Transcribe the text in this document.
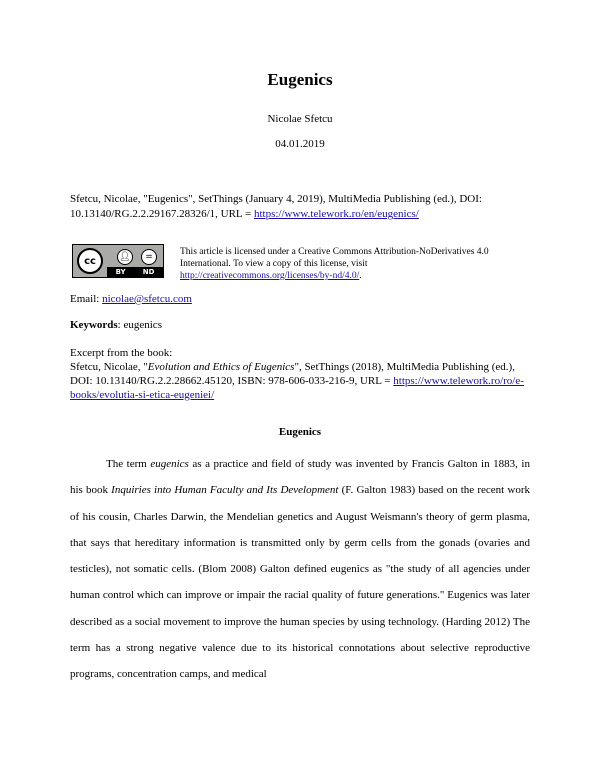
Eugenics
Nicolae Sfetcu
04.01.2019
Sfetcu, Nicolae, "Eugenics", SetThings (January 4, 2019), MultiMedia Publishing (ed.), DOI: 10.13140/RG.2.2.29167.28326/1, URL = https://www.telework.ro/en/eugenics/
cc	👤︎	=
BY ND
This article is licensed under a Creative Commons Attribution-NoDerivatives 4.0
International. To view a copy of this license, visit
http://creativecommons.org/licenses/by-nd/4.0/.
Email: nicolae@sfetcu.com
Keywords: eugenics
Excerpt from the book:
Sfetcu, Nicolae, "Evolution and Ethics of Eugenics", SetThings (2018), MultiMedia Publishing (ed.), DOI: 10.13140/RG.2.2.28662.45120, ISBN: 978-606-033-216-9, URL = https://www.telework.ro/ro/e-books/evolutia-si-etica-eugeniei/
Eugenics
The term eugenics as a practice and field of study was invented by Francis Galton in 1883, in his book Inquiries into Human Faculty and Its Development (F. Galton 1983) based on the recent work of his cousin, Charles Darwin, the Mendelian genetics and August Weismann's theory of germ plasma, that says that hereditary information is transmitted only by germ cells from the gonads (ovaries and testicles), not somatic cells. (Blom 2008) Galton defined eugenics as "the study of all agencies under human control which can improve or impair the racial quality of future generations." Eugenics was later described as a social movement to improve the human species by using technology. (Harding 2012) The term has a strong negative valence due to its historical connotations about selective reproductive programs, concentration camps, and medical
